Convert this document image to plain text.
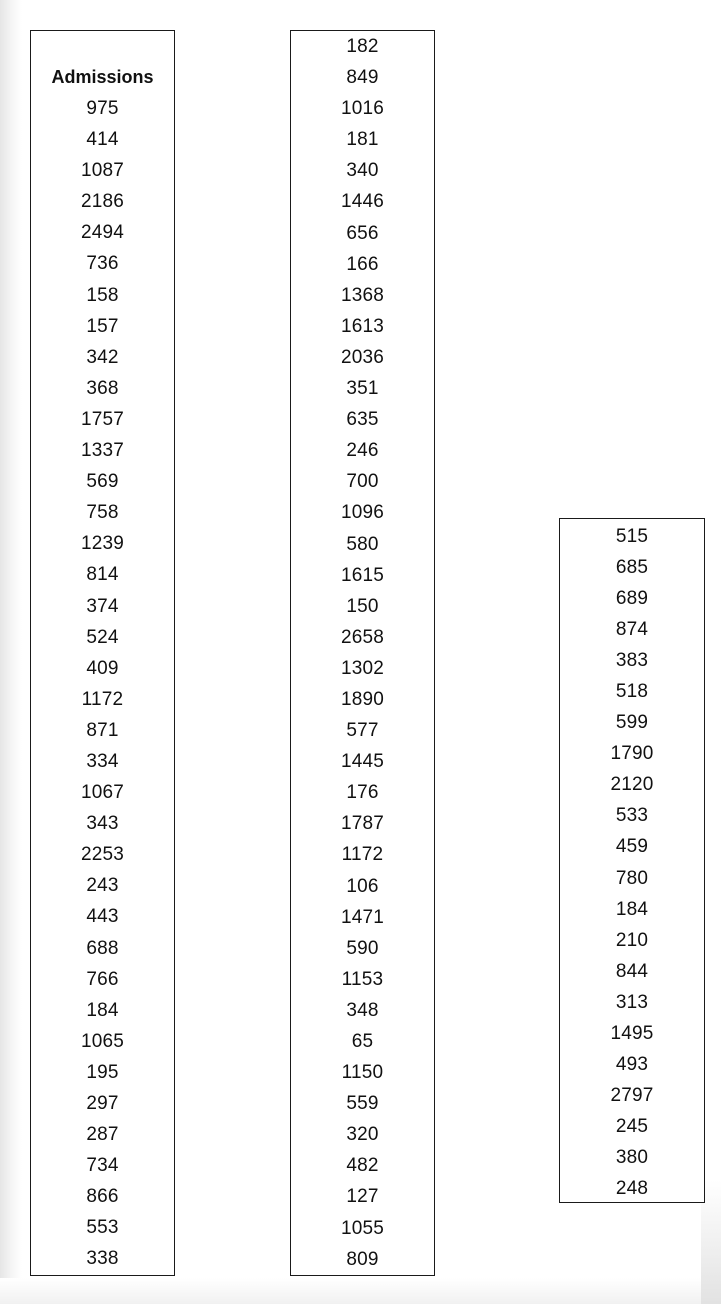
Admissions
975
414
1087
2186
2494
736
158
157
342
368
1757
1337
569
758
1239
814
374
524
409
1172
871
334
1067
343
2253
243
443
688
766
184
1065
195
297
287
734
866
553
338
182
849
1016
181
340
1446
656
166
1368
1613
2036
351
635
246
700
1096
580
1615
150
2658
1302
1890
577
1445
176
1787
1172
106
1471
590
1153
348
65
1150
559
320
482
127
1055
809
515
685
689
874
383
518
599
1790
2120
533
459
780
184
210
844
313
1495
493
2797
245
380
248
